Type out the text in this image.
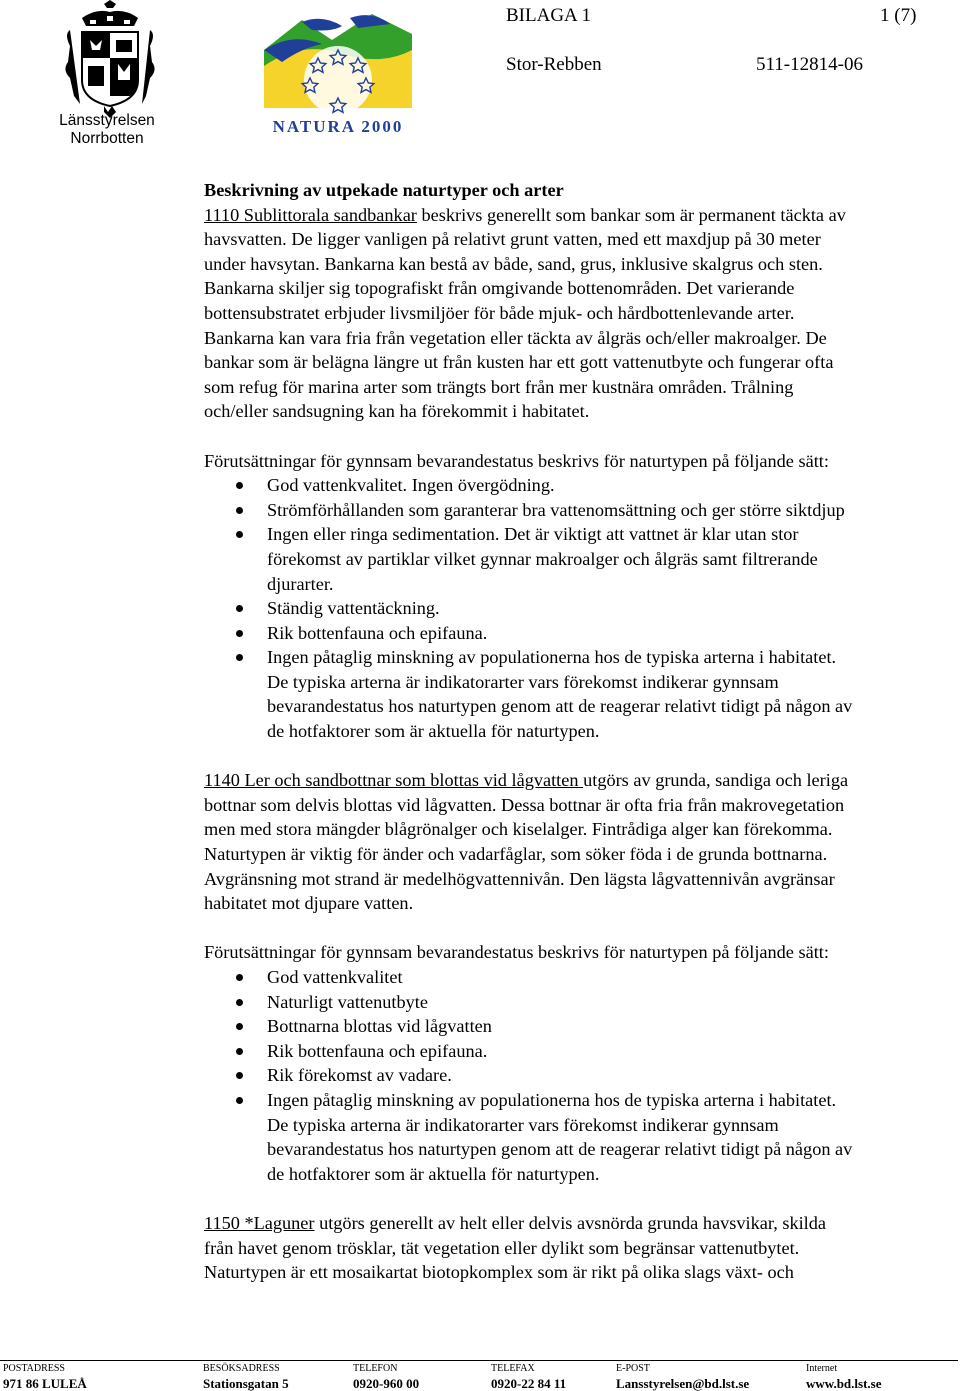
Länsstyrelsen
Norrbotten
NATURA 2000
BILAGA 1	1 (7)
Stor-Rebben	511-12814-06

Beskrivning av utpekade naturtyper och arter

1110 Sublittorala sandbankar beskrivs generellt som bankar som är permanent täckta av
havsvatten. De ligger vanligen på relativt grunt vatten, med ett maxdjup på 30 meter
under havsytan. Bankarna kan bestå av både, sand, grus, inklusive skalgrus och sten.
Bankarna skiljer sig topografiskt från omgivande bottenområden. Det varierande
bottensubstratet erbjuder livsmiljöer för både mjuk- och hårdbottenlevande arter.
Bankarna kan vara fria från vegetation eller täckta av ålgräs och/eller makroalger. De
bankar som är belägna längre ut från kusten har ett gott vattenutbyte och fungerar ofta
som refug för marina arter som trängts bort från mer kustnära områden. Trålning
och/eller sandsugning kan ha förekommit i habitatet.

Förutsättningar för gynnsam bevarandestatus beskrivs för naturtypen på följande sätt:

God vattenkvalitet. Ingen övergödning.
Strömförhållanden som garanterar bra vattenomsättning och ger större siktdjup
Ingen eller ringa sedimentation. Det är viktigt att vattnet är klar utan stor
förekomst av partiklar vilket gynnar makroalger och ålgräs samt filtrerande
djurarter.
Ständig vattentäckning.
Rik bottenfauna och epifauna.
Ingen påtaglig minskning av populationerna hos de typiska arterna i habitatet.
De typiska arterna är indikatorarter vars förekomst indikerar gynnsam
bevarandestatus hos naturtypen genom att de reagerar relativt tidigt på någon av
de hotfaktorer som är aktuella för naturtypen.

1140 Ler och sandbottnar som blottas vid lågvatten utgörs av grunda, sandiga och leriga
bottnar som delvis blottas vid lågvatten. Dessa bottnar är ofta fria från makrovegetation
men med stora mängder blågrönalger och kiselalger. Fintrådiga alger kan förekomma.
Naturtypen är viktig för änder och vadarfåglar, som söker föda i de grunda bottnarna.
Avgränsning mot strand är medelhögvattennivån. Den lägsta lågvattennivån avgränsar
habitatet mot djupare vatten.

Förutsättningar för gynnsam bevarandestatus beskrivs för naturtypen på följande sätt:

God vattenkvalitet
Naturligt vattenutbyte
Bottnarna blottas vid lågvatten
Rik bottenfauna och epifauna.
Rik förekomst av vadare.
Ingen påtaglig minskning av populationerna hos de typiska arterna i habitatet.
De typiska arterna är indikatorarter vars förekomst indikerar gynnsam
bevarandestatus hos naturtypen genom att de reagerar relativt tidigt på någon av
de hotfaktorer som är aktuella för naturtypen.

1150 *Laguner utgörs generellt av helt eller delvis avsnörda grunda havsvikar, skilda
från havet genom trösklar, tät vegetation eller dylikt som begränsar vattenutbytet.
Naturtypen är ett mosaikartat biotopkomplex som är rikt på olika slags växt- och

POSTADRESS	BESÖKSADRESS	TELEFON	TELEFAX	E-POST	Internet
971 86 LULEÅ	Stationsgatan 5	0920-960 00	0920-22 84 11	Lansstyrelsen@bd.lst.se	www.bd.lst.se
